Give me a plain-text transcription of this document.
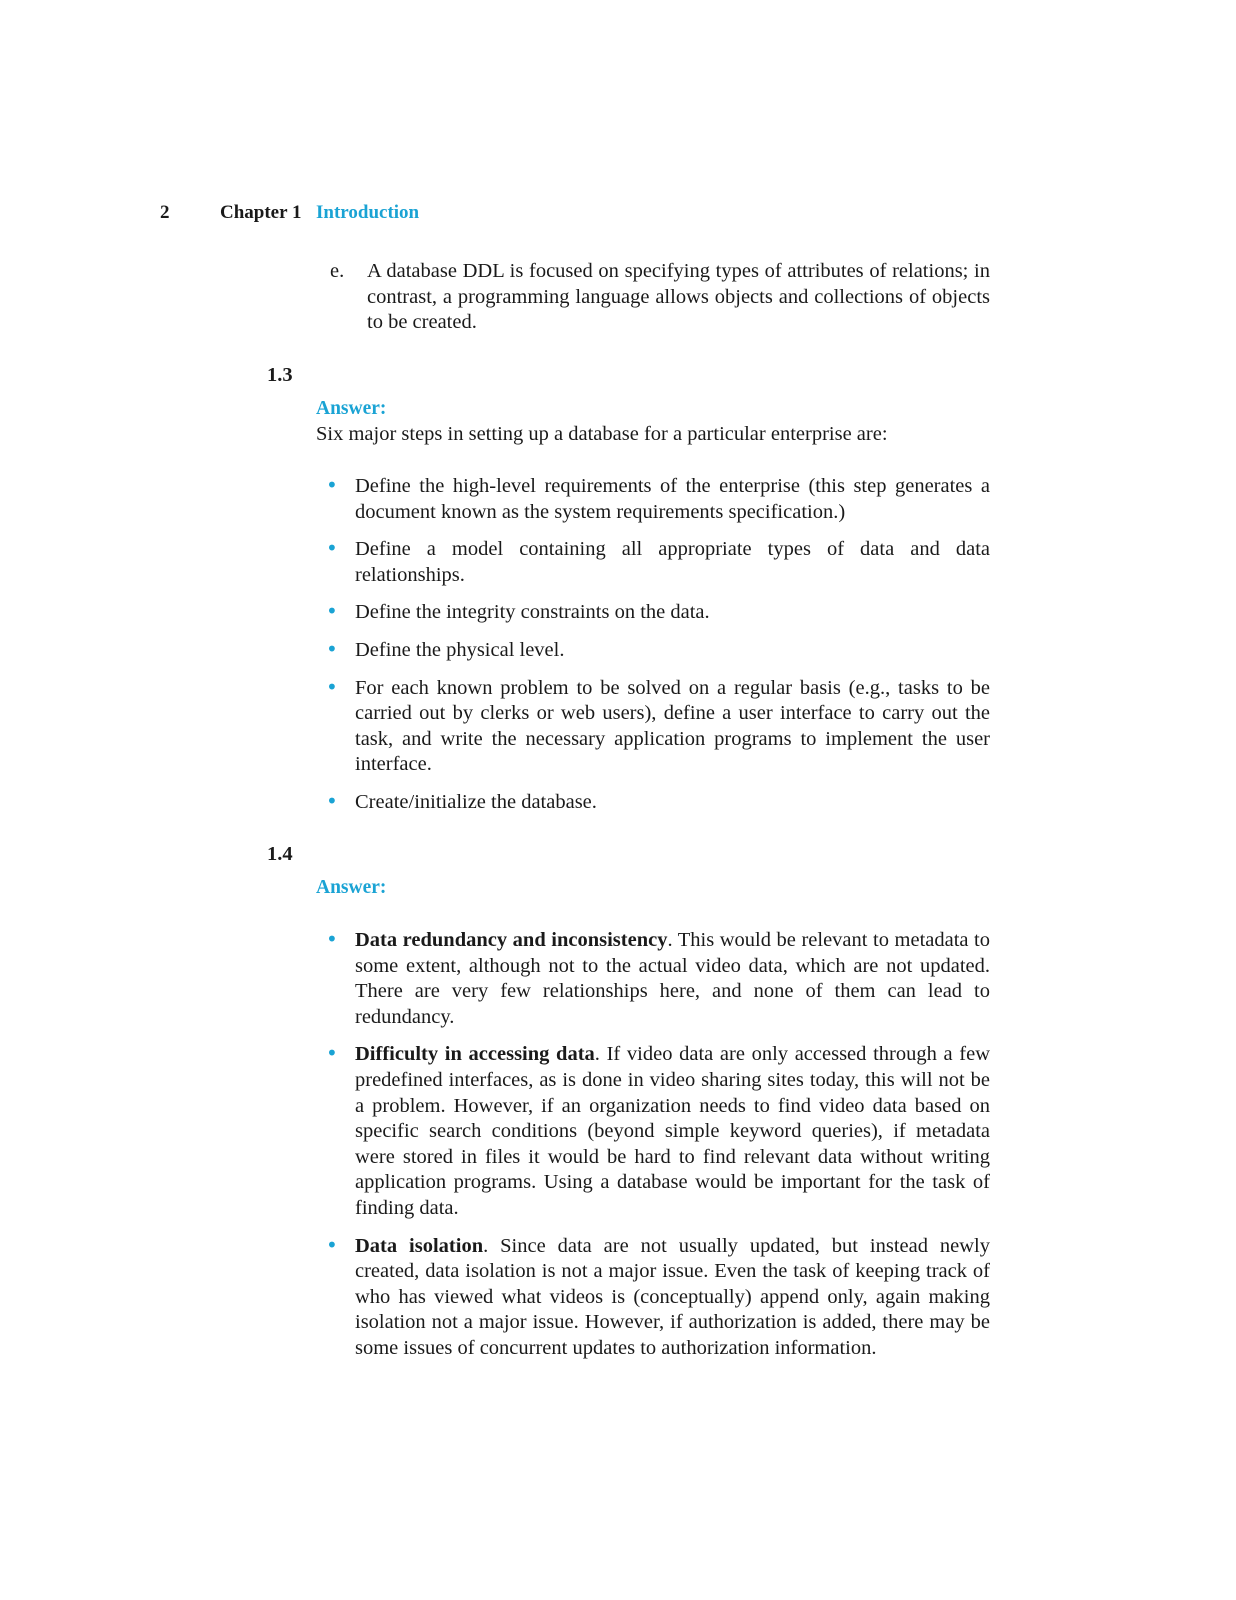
2	Chapter 1 Introduction
e. A database DDL is focused on specifying types of attributes of relations; in contrast, a programming language allows objects and collections of objects to be created.
1.3
Answer:
Six major steps in setting up a database for a particular enterprise are:
• Define the high-level requirements of the enterprise (this step generates a document known as the system requirements specification.)
• Define a model containing all appropriate types of data and data relationships.
• Define the integrity constraints on the data.
• Define the physical level.
• For each known problem to be solved on a regular basis (e.g., tasks to be carried out by clerks or web users), define a user interface to carry out the task, and write the necessary application programs to implement the user interface.
• Create/initialize the database.
1.4
Answer:
• Data redundancy and inconsistency. This would be relevant to metadata to some extent, although not to the actual video data, which are not updated. There are very few relationships here, and none of them can lead to redundancy.
• Difficulty in accessing data. If video data are only accessed through a few predefined interfaces, as is done in video sharing sites today, this will not be a problem. However, if an organization needs to find video data based on specific search conditions (beyond simple keyword queries), if metadata were stored in files it would be hard to find relevant data without writing application programs. Using a database would be important for the task of finding data.
• Data isolation. Since data are not usually updated, but instead newly created, data isolation is not a major issue. Even the task of keeping track of who has viewed what videos is (conceptually) append only, again making isolation not a major issue. However, if authorization is added, there may be some issues of concurrent updates to authorization information.
